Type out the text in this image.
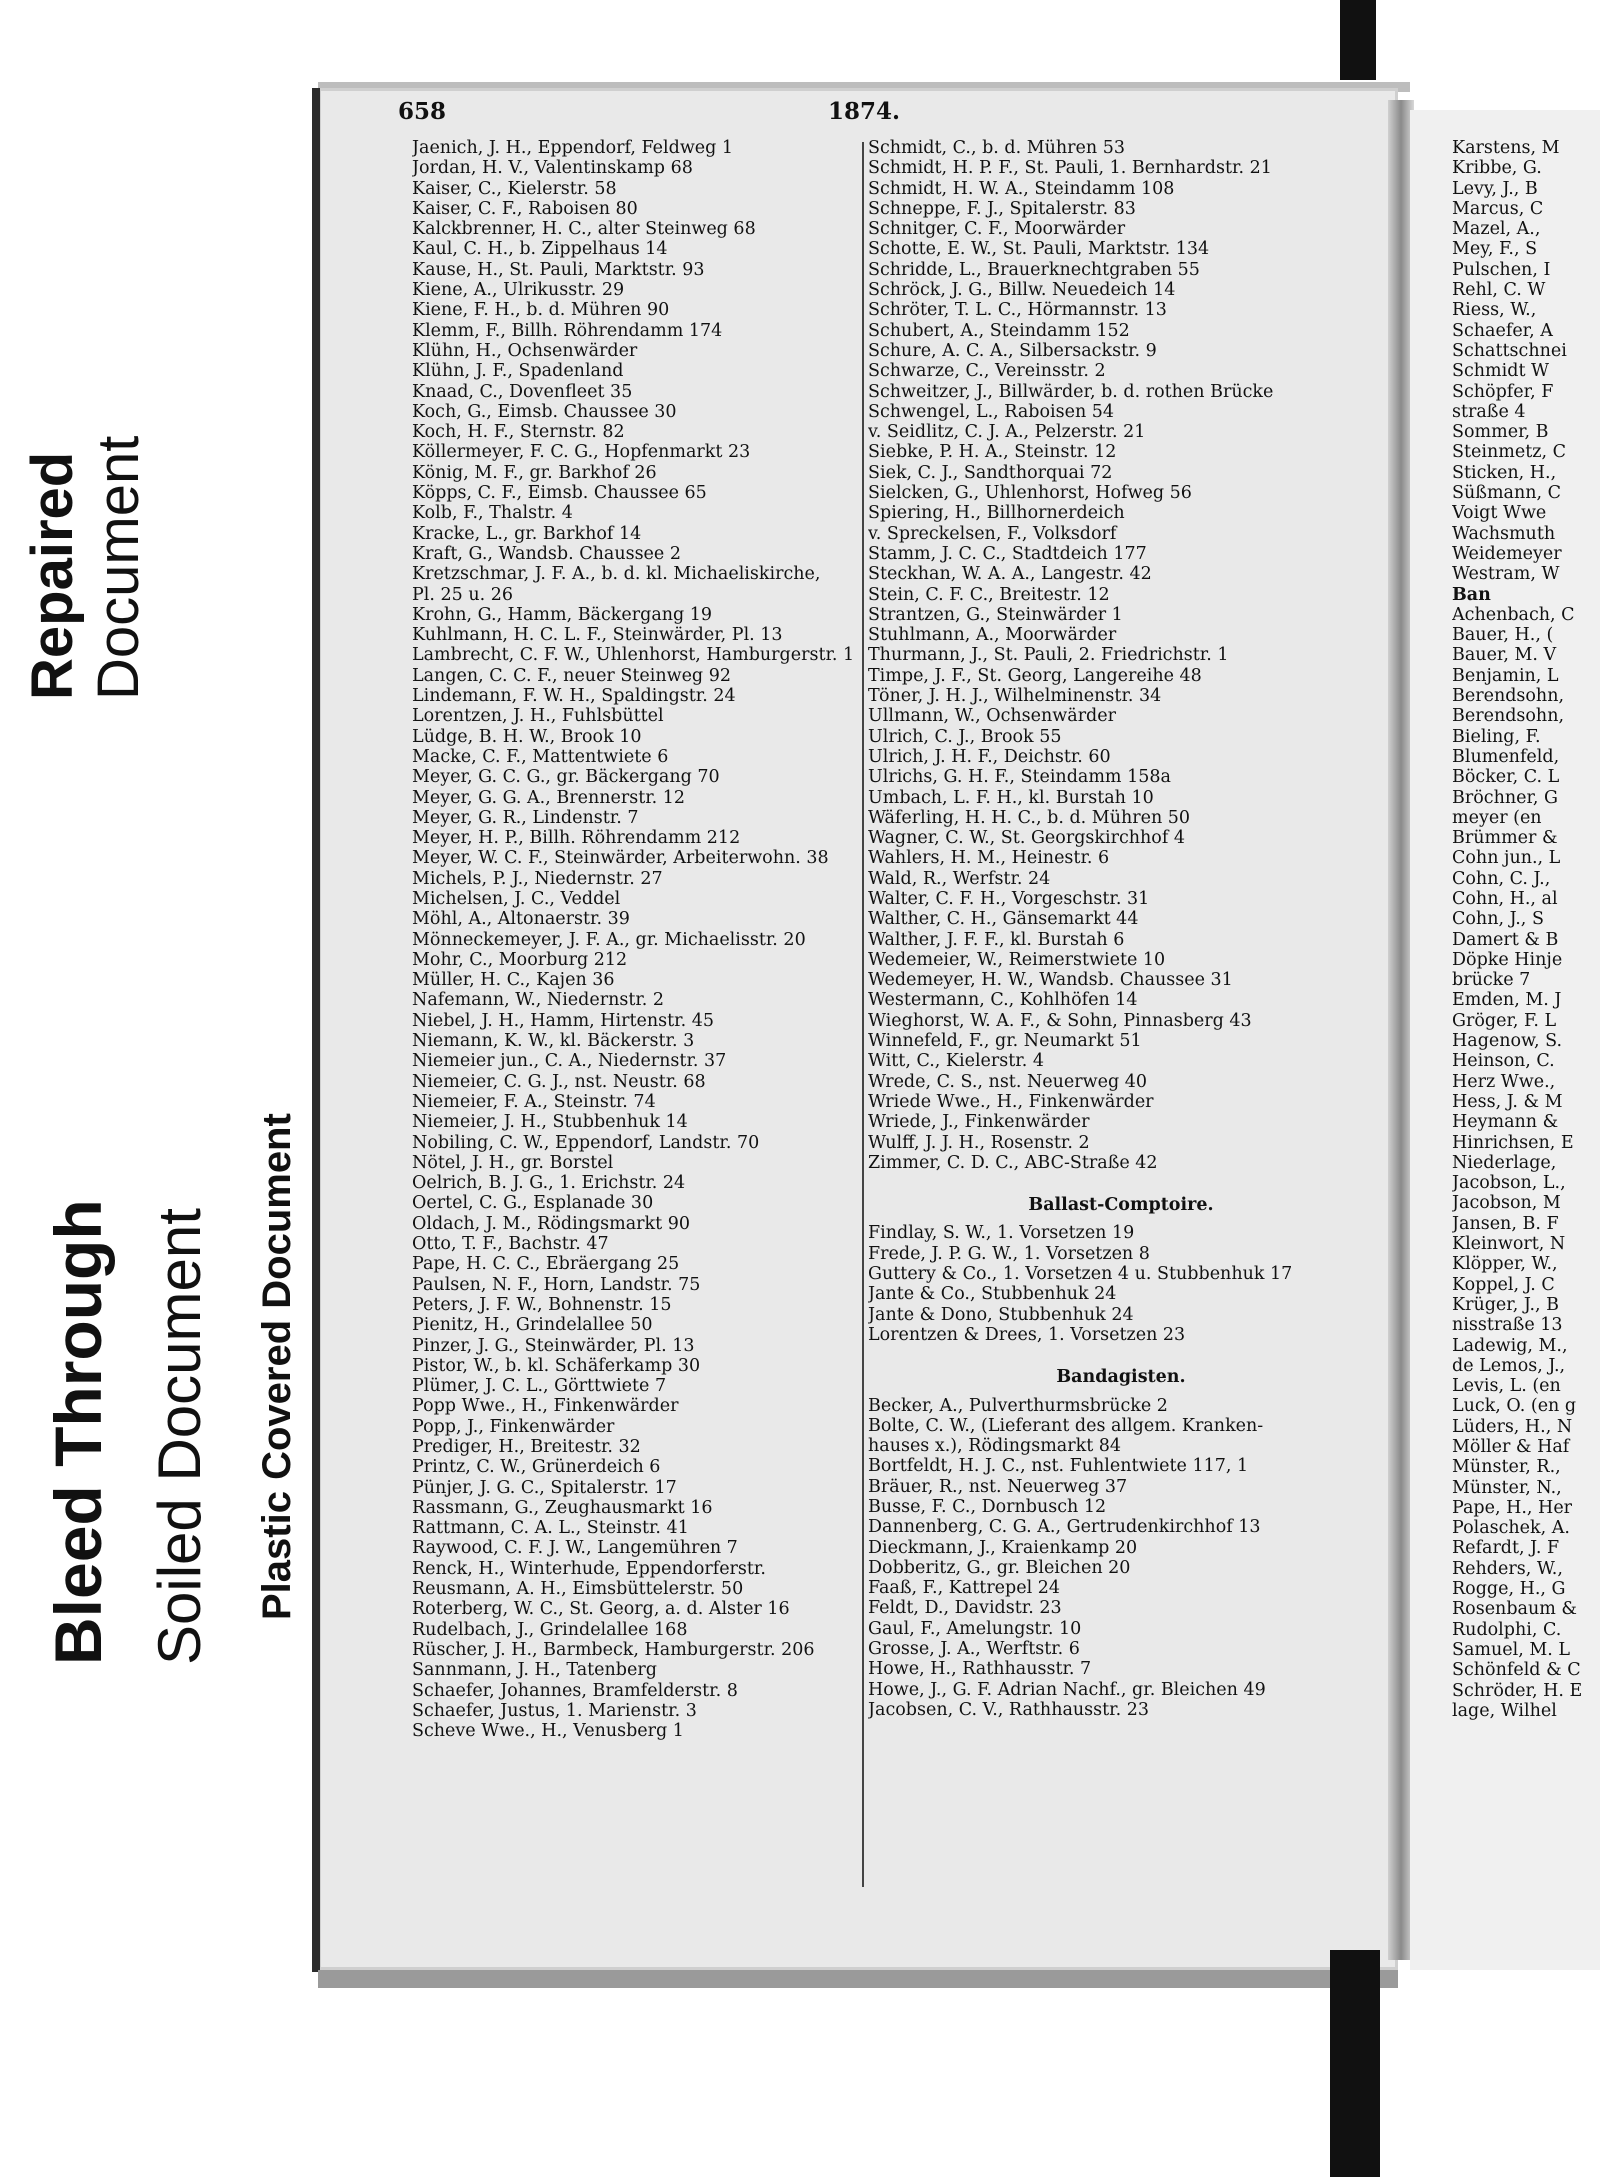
Repaired Document
Bleed Through Soiled Document Plastic Covered Document
658	1874.
Jaenich, J. H., Eppendorf, Feldweg 1
Jordan, H. V., Valentinskamp 68
Kaiser, C., Kielerstr. 58
Kaiser, C. F., Raboisen 80
Kalckbrenner, H. C., alter Steinweg 68
Kaul, C. H., b. Zippelhaus 14
Kause, H., St. Pauli, Marktstr. 93
Kiene, A., Ulrikusstr. 29
Kiene, F. H., b. d. Mühren 90
Klemm, F., Billh. Röhrendamm 174
Klühn, H., Ochsenwärder
Klühn, J. F., Spadenland
Knaad, C., Dovenfleet 35
Koch, G., Eimsb. Chaussee 30
Koch, H. F., Sternstr. 82
Köllermeyer, F. C. G., Hopfenmarkt 23
König, M. F., gr. Barkhof 26
Köpps, C. F., Eimsb. Chaussee 65
Kolb, F., Thalstr. 4
Kracke, L., gr. Barkhof 14
Kraft, G., Wandsb. Chaussee 2
Kretzschmar, J. F. A., b. d. kl. Michaeliskirche,
Pl. 25 u. 26
Krohn, G., Hamm, Bäckergang 19
Kuhlmann, H. C. L. F., Steinwärder, Pl. 13
Lambrecht, C. F. W., Uhlenhorst, Hamburgerstr. 1
Langen, C. C. F., neuer Steinweg 92
Lindemann, F. W. H., Spaldingstr. 24
Lorentzen, J. H., Fuhlsbüttel
Lüdge, B. H. W., Brook 10
Macke, C. F., Mattentwiete 6
Meyer, G. C. G., gr. Bäckergang 70
Meyer, G. G. A., Brennerstr. 12
Meyer, G. R., Lindenstr. 7
Meyer, H. P., Billh. Röhrendamm 212
Meyer, W. C. F., Steinwärder, Arbeiterwohn. 38
Michels, P. J., Niedernstr. 27
Michelsen, J. C., Veddel
Möhl, A., Altonaerstr. 39
Mönneckemeyer, J. F. A., gr. Michaelisstr. 20
Mohr, C., Moorburg 212
Müller, H. C., Kajen 36
Nafemann, W., Niedernstr. 2
Niebel, J. H., Hamm, Hirtenstr. 45
Niemann, K. W., kl. Bäckerstr. 3
Niemeier jun., C. A., Niedernstr. 37
Niemeier, C. G. J., nst. Neustr. 68
Niemeier, F. A., Steinstr. 74
Niemeier, J. H., Stubbenhuk 14
Nobiling, C. W., Eppendorf, Landstr. 70
Nötel, J. H., gr. Borstel
Oelrich, B. J. G., 1. Erichstr. 24
Oertel, C. G., Esplanade 30
Oldach, J. M., Rödingsmarkt 90
Otto, T. F., Bachstr. 47
Pape, H. C. C., Ebräergang 25
Paulsen, N. F., Horn, Landstr. 75
Peters, J. F. W., Bohnenstr. 15
Pienitz, H., Grindelallee 50
Pinzer, J. G., Steinwärder, Pl. 13
Pistor, W., b. kl. Schäferkamp 30
Plümer, J. C. L., Görttwiete 7
Popp Wwe., H., Finkenwärder
Popp, J., Finkenwärder
Prediger, H., Breitestr. 32
Printz, C. W., Grünerdeich 6
Pünjer, J. G. C., Spitalerstr. 17
Rassmann, G., Zeughausmarkt 16
Rattmann, C. A. L., Steinstr. 41
Raywood, C. F. J. W., Langemühren 7
Renck, H., Winterhude, Eppendorferstr.
Reusmann, A. H., Eimsbüttelerstr. 50
Roterberg, W. C., St. Georg, a. d. Alster 16
Rudelbach, J., Grindelallee 168
Rüscher, J. H., Barmbeck, Hamburgerstr. 206
Sannmann, J. H., Tatenberg
Schaefer, Johannes, Bramfelderstr. 8
Schaefer, Justus, 1. Marienstr. 3
Scheve Wwe., H., Venusberg 1
Schmidt, C., b. d. Mühren 53
Schmidt, H. P. F., St. Pauli, 1. Bernhardstr. 21
Schmidt, H. W. A., Steindamm 108
Schneppe, F. J., Spitalerstr. 83
Schnitger, C. F., Moorwärder
Schotte, E. W., St. Pauli, Marktstr. 134
Schridde, L., Brauerknechtgraben 55
Schröck, J. G., Billw. Neuedeich 14
Schröter, T. L. C., Hörmannstr. 13
Schubert, A., Steindamm 152
Schure, A. C. A., Silbersackstr. 9
Schwarze, C., Vereinsstr. 2
Schweitzer, J., Billwärder, b. d. rothen Brücke
Schwengel, L., Raboisen 54
v. Seidlitz, C. J. A., Pelzerstr. 21
Siebke, P. H. A., Steinstr. 12
Siek, C. J., Sandthorquai 72
Sielcken, G., Uhlenhorst, Hofweg 56
Spiering, H., Billhornerdeich
v. Spreckelsen, F., Volksdorf
Stamm, J. C. C., Stadtdeich 177
Steckhan, W. A. A., Langestr. 42
Stein, C. F. C., Breitestr. 12
Strantzen, G., Steinwärder 1
Stuhlmann, A., Moorwärder
Thurmann, J., St. Pauli, 2. Friedrichstr. 1
Timpe, J. F., St. Georg, Langereihe 48
Töner, J. H. J., Wilhelminenstr. 34
Ullmann, W., Ochsenwärder
Ulrich, C. J., Brook 55
Ulrich, J. H. F., Deichstr. 60
Ulrichs, G. H. F., Steindamm 158a
Umbach, L. F. H., kl. Burstah 10
Wäferling, H. H. C., b. d. Mühren 50
Wagner, C. W., St. Georgskirchhof 4
Wahlers, H. M., Heinestr. 6
Wald, R., Werfstr. 24
Walter, C. F. H., Vorgeschstr. 31
Walther, C. H., Gänsemarkt 44
Walther, J. F. F., kl. Burstah 6
Wedemeier, W., Reimerstwiete 10
Wedemeyer, H. W., Wandsb. Chaussee 31
Westermann, C., Kohlhöfen 14
Wieghorst, W. A. F., & Sohn, Pinnasberg 43
Winnefeld, F., gr. Neumarkt 51
Witt, C., Kielerstr. 4
Wrede, C. S., nst. Neuerweg 40
Wriede Wwe., H., Finkenwärder
Wriede, J., Finkenwärder
Wulff, J. J. H., Rosenstr. 2
Zimmer, C. D. C., ABC-Straße 42
Ballast-Comptoire.
Findlay, S. W., 1. Vorsetzen 19
Frede, J. P. G. W., 1. Vorsetzen 8
Guttery & Co., 1. Vorsetzen 4 u. Stubbenhuk 17
Jante & Co., Stubbenhuk 24
Jante & Dono, Stubbenhuk 24
Lorentzen & Drees, 1. Vorsetzen 23
Bandagisten.
Becker, A., Pulverthurmsbrücke 2
Bolte, C. W., (Lieferant des allgem. Kranken-
hauses x.), Rödingsmarkt 84
Bortfeldt, H. J. C., nst. Fuhlentwiete 117, 1
Bräuer, R., nst. Neuerweg 37
Busse, F. C., Dornbusch 12
Dannenberg, C. G. A., Gertrudenkirchhof 13
Dieckmann, J., Kraienkamp 20
Dobberitz, G., gr. Bleichen 20
Faaß, F., Kattrepel 24
Feldt, D., Davidstr. 23
Gaul, F., Amelungstr. 10
Grosse, J. A., Werftstr. 6
Howe, H., Rathhausstr. 7
Howe, J., G. F. Adrian Nachf., gr. Bleichen 49
Jacobsen, C. V., Rathhausstr. 23
Karstens, M
Kribbe, G.
Levy, J., B
Marcus, C
Mazel, A.,
Mey, F., S
Pulschen, I
Rehl, C. W
Riess, W.,
Schaefer, A
Schattschnei
Schmidt W
Schöpfer, F
straße 4
Sommer, B
Steinmetz, C
Sticken, H.,
Süßmann, C
Voigt Wwe
Wachsmuth
Weidemeyer
Westram, W
Ban
Achenbach, C
Bauer, H., (
Bauer, M. V
Benjamin, L
Berendsohn,
Berendsohn,
Bieling, F.
Blumenfeld,
Böcker, C. L
Bröchner, G
meyer (en
Brümmer &
Cohn jun., L
Cohn, C. J.,
Cohn, H., al
Cohn, J., S
Damert & B
Döpke Hinje
brücke 7
Emden, M. J
Gröger, F. L
Hagenow, S.
Heinson, C.
Herz Wwe.,
Hess, J. & M
Heymann &
Hinrichsen, E
Niederlage,
Jacobson, L.,
Jacobson, M
Jansen, B. F
Kleinwort, N
Klöpper, W.,
Koppel, J. C
Krüger, J., B
nisstraße 13
Ladewig, M.,
de Lemos, J.,
Levis, L. (en
Luck, O. (en g
Lüders, H., N
Möller & Haf
Münster, R.,
Münster, N.,
Pape, H., Her
Polaschek, A.
Refardt, J. F
Rehders, W.,
Rogge, H., G
Rosenbaum &
Rudolphi, C.
Samuel, M. L
Schönfeld & C
Schröder, H. E
lage, Wilhel
